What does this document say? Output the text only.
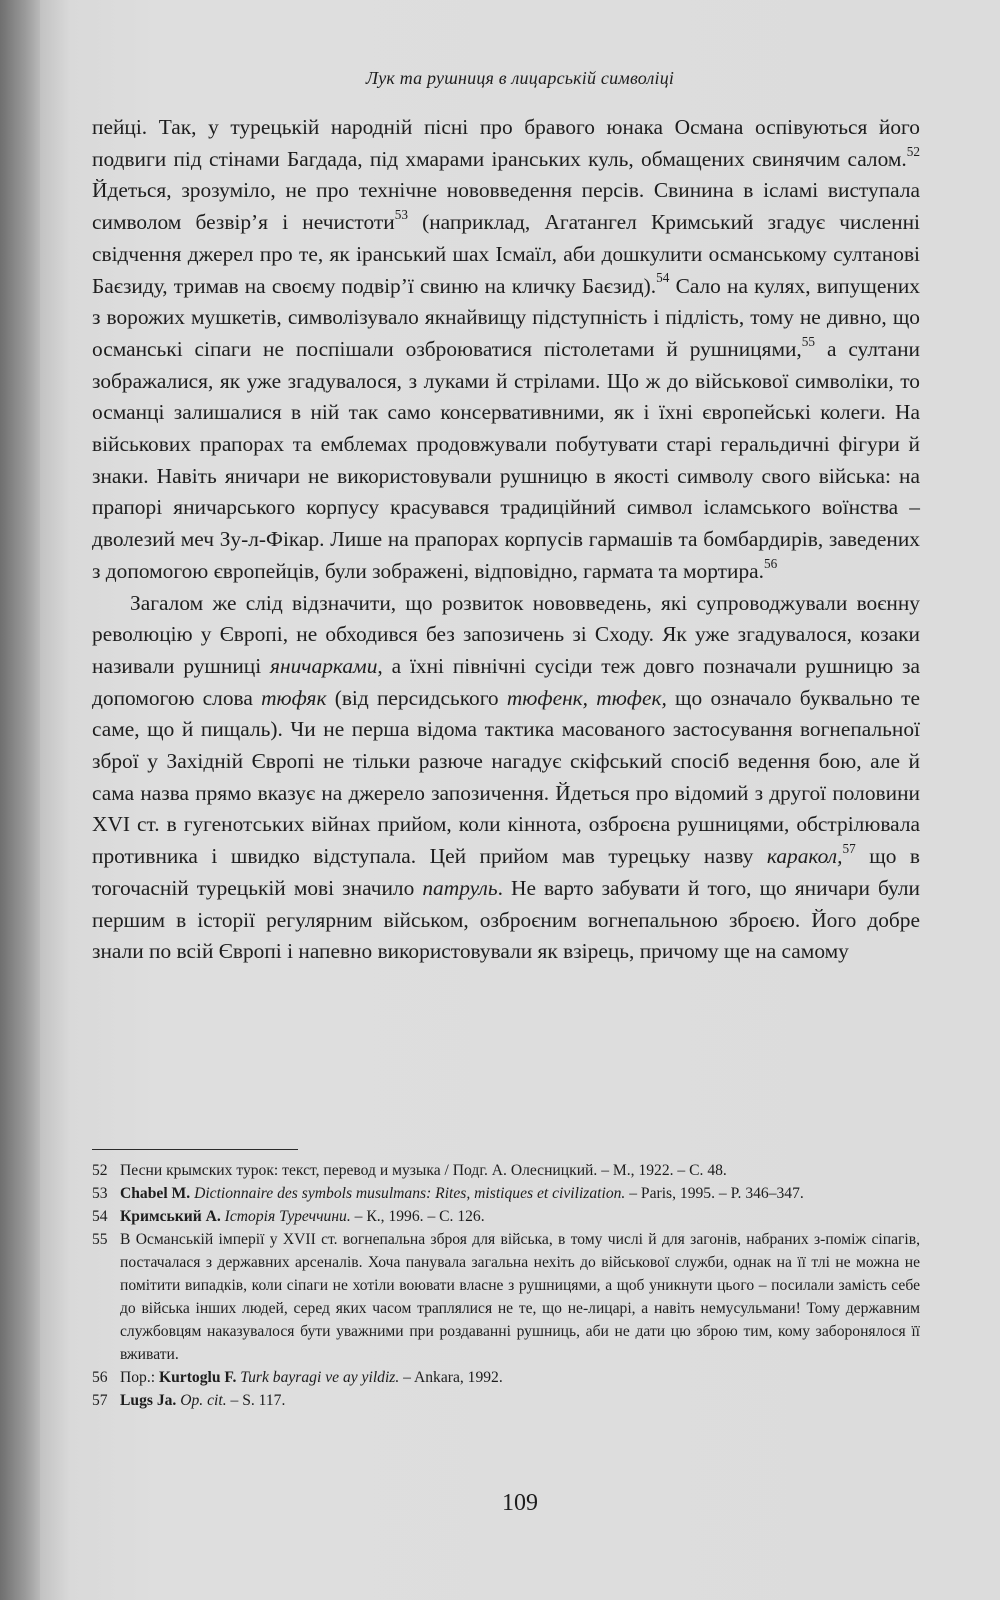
Лук та рушниця в лицарській символіці

пейці. Так, у турецькій народній пісні про бравого юнака Османа оспівуються його подвиги під стінами Багдада, під хмарами іранських куль, обмащених свинячим салом.$^{52}$ Йдеться, зрозуміло, не про технічне нововведення персів. Свинина в ісламі виступала символом безвір’я і нечистоти$^{53}$ (наприклад, Агатангел Кримський згадує численні свідчення джерел про те, як іранський шах Ісмаїл, аби дошкулити османському султанові Баєзиду, тримав на своєму подвір’ї свиню на кличку Баєзид).$^{54}$ Сало на кулях, випущених з ворожих мушкетів, символізувало якнайвищу підступність і підлість, тому не дивно, що османські сіпаги не поспішали озброюватися пістолетами й рушницями,$^{55}$ а султани зображалися, як уже згадувалося, з луками й стрілами. Що ж до військової символіки, то османці залишалися в ній так само консервативними, як і їхні європейські колеги. На військових прапорах та емблемах продовжували побутувати старі геральдичні фігури й знаки. Навіть яничари не використовували рушницю в якості символу свого війська: на прапорі яничарського корпусу красувався традиційний символ ісламського воїнства – дволезий меч Зу-л-Фікар. Лише на прапорах корпусів гармашів та бомбардирів, заведених з допомогою європейців, були зображені, відповідно, гармата та мортира.$^{56}$

Загалом же слід відзначити, що розвиток нововведень, які супроводжували воєнну революцію у Європі, не обходився без запозичень зі Сходу. Як уже згадувалося, козаки називали рушниці яничарками, а їхні північні сусіди теж довго позначали рушницю за допомогою слова тюфяк (від персидського тюфенк, тюфек, що означало буквально те саме, що й пищаль). Чи не перша відома тактика масованого застосування вогнепальної зброї у Західній Європі не тільки разюче нагадує скіфський спосіб ведення бою, але й сама назва прямо вказує на джерело запозичення. Йдеться про відомий з другої половини XVI ст. в гугенотських війнах прийом, коли кіннота, озброєна рушницями, обстрілювала противника і швидко відступала. Цей прийом мав турецьку назву каракол,$^{57}$ що в тогочасній турецькій мові значило патруль. Не варто забувати й того, що яничари були першим в історії регулярним військом, озброєним вогнепальною зброєю. Його добре знали по всій Європі і напевно використовували як взірець, причому ще на самому

52 Песни крымских турок: текст, перевод и музыка / Подг. А. Олесницкий. – М., 1922. – С. 48.
53 Chabel M. Dictionnaire des symbols musulmans: Rites, mistiques et civilization. – Paris, 1995. – P. 346–347.
54 Кримський А. Історія Туреччини. – К., 1996. – С. 126.
55 В Османській імперії у XVII ст. вогнепальна зброя для війська, в тому числі й для загонів, набраних з-поміж сіпагів, постачалася з державних арсеналів. Хоча панувала загальна нехіть до військової служби, однак на її тлі не можна не помітити випадків, коли сіпаги не хотіли воювати власне з рушницями, а щоб уникнути цього – посилали замість себе до війська інших людей, серед яких часом траплялися не те, що не-лицарі, а навіть немусульмани! Тому державним службовцям наказувалося бути уважними при роздаванні рушниць, аби не дати цю зброю тим, кому заборонялося її вживати.
56 Пор.: Kurtoglu F. Turk bayragi ve ay yildiz. – Ankara, 1992.
57 Lugs Ja. Op. cit. – S. 117.
109
